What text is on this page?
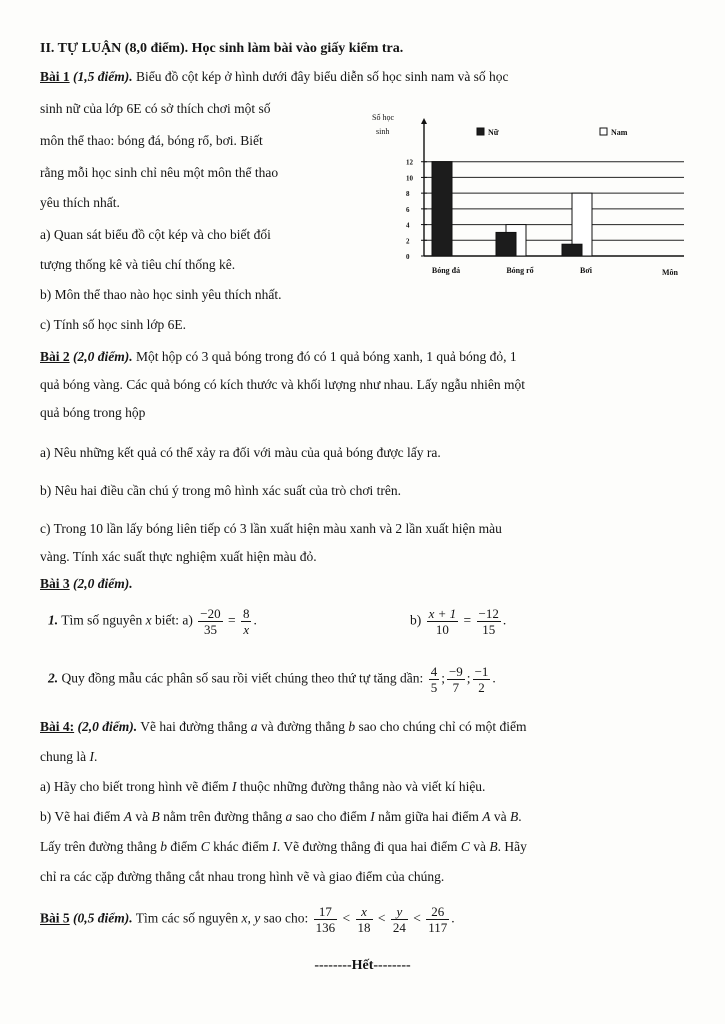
II. TỰ LUẬN (8,0 điểm). Học sinh làm bài vào giấy kiểm tra.
Bài 1 (1,5 điểm). Biểu đồ cột kép ở hình dưới đây biểu diễn số học sinh nam và số học
sinh nữ của lớp 6E có sở thích chơi một số
môn thể thao: bóng đá, bóng rổ, bơi. Biết
rằng mỗi học sinh chỉ nêu một môn thể thao
yêu thích nhất.
a) Quan sát biểu đồ cột kép và cho biết đối
tượng thống kê và tiêu chí thống kê.
b) Môn thể thao nào học sinh yêu thích nhất.
c) Tính số học sinh lớp 6E.
0
2
4
6
8
10
12
Số học
sinh	Nữ	Nam
Bóng đá	Bóng rổ	Bơi	Môn
Bài 2 (2,0 điểm). Một hộp có 3 quả bóng trong đó có 1 quả bóng xanh, 1 quả bóng đỏ, 1
quả bóng vàng. Các quả bóng có kích thước và khối lượng như nhau. Lấy ngẫu nhiên một
quả bóng trong hộp
a) Nêu những kết quả có thể xảy ra đối với màu của quả bóng được lấy ra.
b) Nêu hai điều cần chú ý trong mô hình xác suất của trò chơi trên.
c) Trong 10 lần lấy bóng liên tiếp có 3 lần xuất hiện màu xanh và 2 lần xuất hiện màu
vàng. Tính xác suất thực nghiệm xuất hiện màu đỏ.
Bài 3 (2,0 điểm).
1. Tìm số nguyên x biết: $a) \frac{-20}{35} = \frac{8}{x}$ .	$b) \frac{x + 1}{10} = \frac{-12}{15}$ .
2. Quy đồng mẫu các phân số sau rồi viết chúng theo thứ tự tăng dần: $\frac{4}{5}$ ; $\frac{-9}{7}$ ; $\frac{-1}{2}$ .
Bài 4: (2,0 điểm). Vẽ hai đường thẳng a và đường thẳng b sao cho chúng chỉ có một điểm
chung là I.
a) Hãy cho biết trong hình vẽ điểm I thuộc những đường thẳng nào và viết kí hiệu.
b) Vẽ hai điểm A và B nằm trên đường thẳng a sao cho điểm I nằm giữa hai điểm A và B.
Lấy trên đường thẳng b điểm C khác điểm I. Vẽ đường thẳng đi qua hai điểm C và B. Hãy
chỉ ra các cặp đường thẳng cắt nhau trong hình vẽ và giao điểm của chúng.
Bài 5 (0,5 điểm). Tìm các số nguyên x, y sao cho: $\frac{17}{136} < \frac{x}{18} < \frac{y}{24} < \frac{26}{117}$ .
--------Hết--------
